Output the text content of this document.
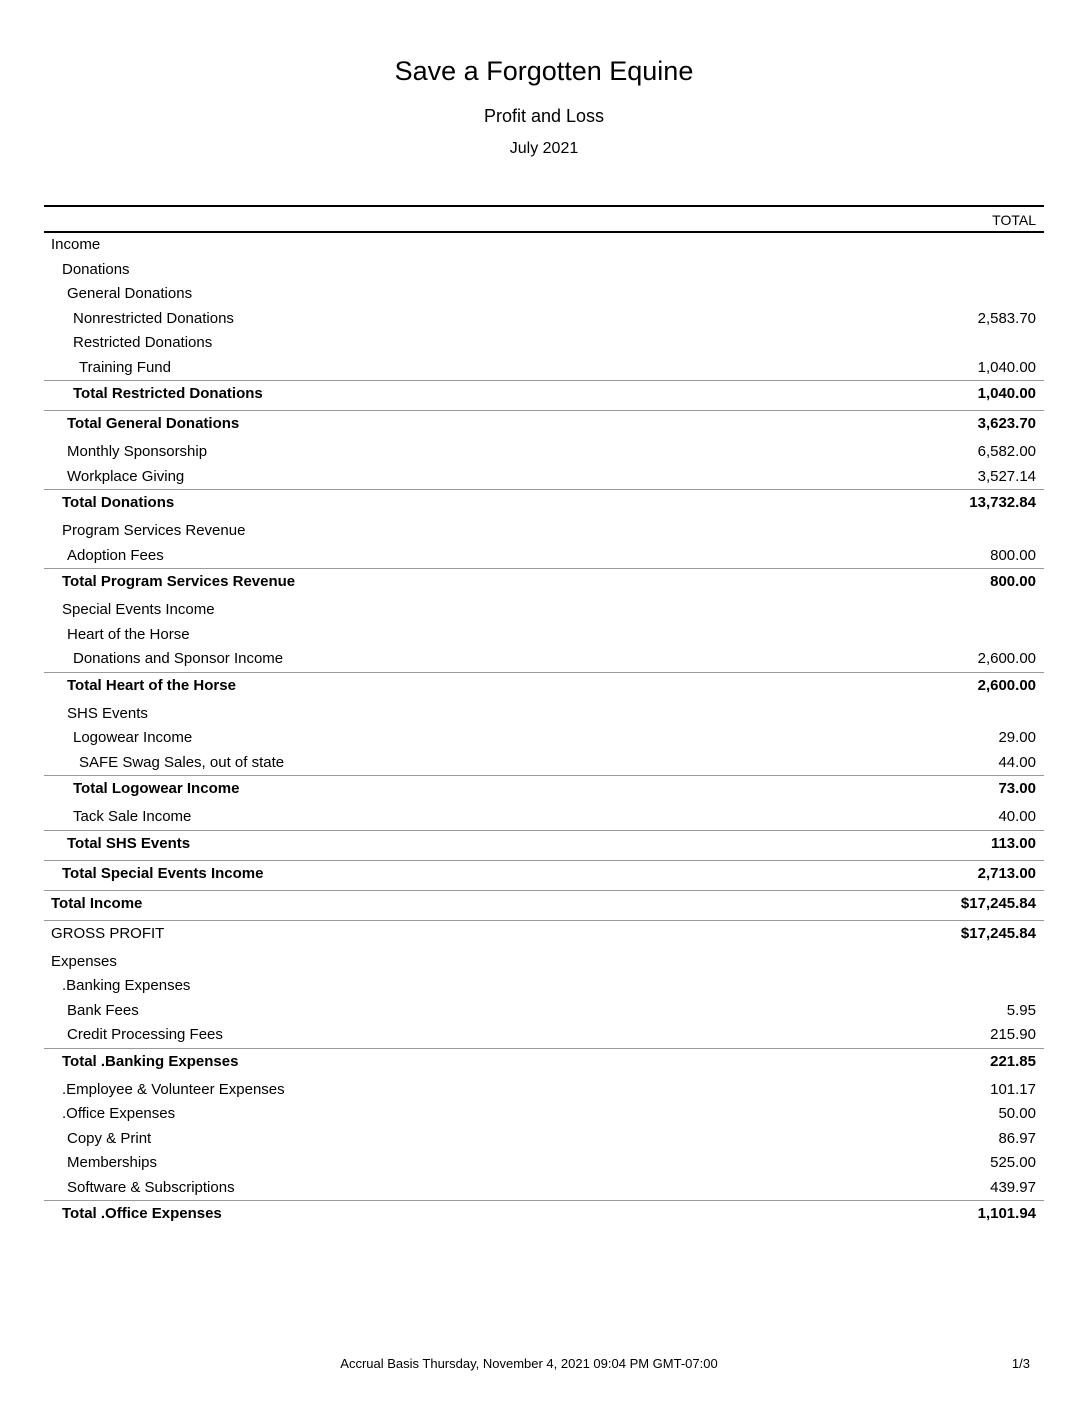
Save a Forgotten Equine
Profit and Loss
July 2021
TOTAL
Income
Donations
General Donations
Nonrestricted Donations	2,583.70
Restricted Donations
Training Fund	1,040.00
Total Restricted Donations	1,040.00
Total General Donations	3,623.70
Monthly Sponsorship	6,582.00
Workplace Giving	3,527.14
Total Donations	13,732.84
Program Services Revenue
Adoption Fees	800.00
Total Program Services Revenue	800.00
Special Events Income
Heart of the Horse
Donations and Sponsor Income	2,600.00
Total Heart of the Horse	2,600.00
SHS Events
Logowear Income	29.00
SAFE Swag Sales, out of state	44.00
Total Logowear Income	73.00
Tack Sale Income	40.00
Total SHS Events	113.00
Total Special Events Income	2,713.00
Total Income	$17,245.84
GROSS PROFIT	$17,245.84
Expenses
.Banking Expenses
Bank Fees	5.95
Credit Processing Fees	215.90
Total .Banking Expenses	221.85
.Employee & Volunteer Expenses	101.17
.Office Expenses	50.00
Copy & Print	86.97
Memberships	525.00
Software & Subscriptions	439.97
Total .Office Expenses	1,101.94
Accrual Basis Thursday, November 4, 2021 09:04 PM GMT-07:00	1/3
